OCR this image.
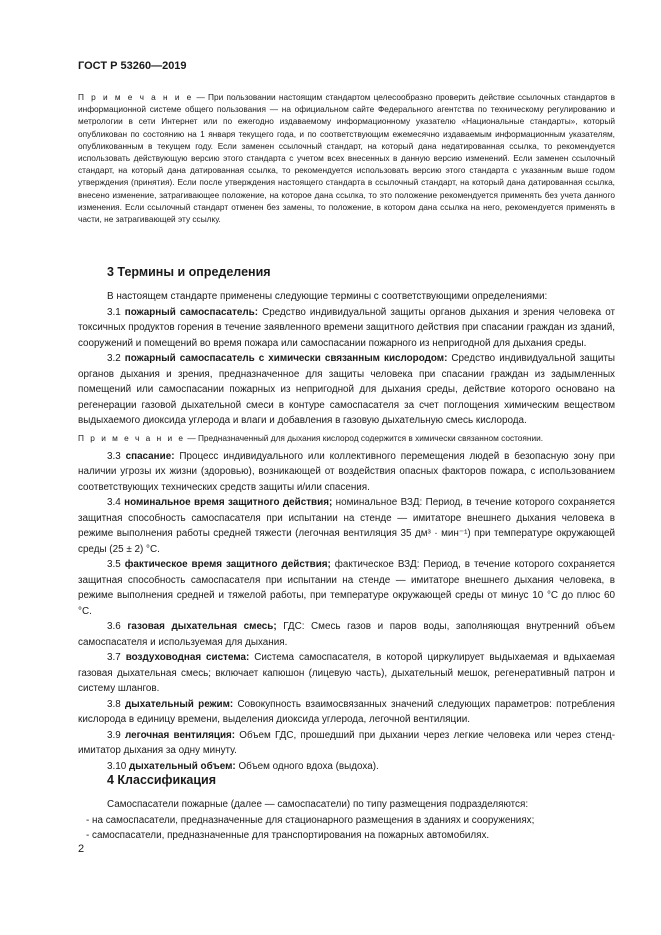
ГОСТ Р 53260—2019

П р и м е ч а н и е — При пользовании настоящим стандартом целесообразно проверить действие ссылочных стандартов в информационной системе общего пользования — на официальном сайте Федерального агентства по техническому регулированию и метрологии в сети Интернет или по ежегодно издаваемому информационному указателю «Национальные стандарты», который опубликован по состоянию на 1 января текущего года, и по соответствующим ежемесячно издаваемым информационным указателям, опубликованным в текущем году. Если заменен ссылочный стандарт, на который дана недатированная ссылка, то рекомендуется использовать действующую версию этого стандарта с учетом всех внесенных в данную версию изменений. Если заменен ссылочный стандарт, на который дана датированная ссылка, то рекомендуется использовать версию этого стандарта с указанным выше годом утверждения (принятия). Если после утверждения настоящего стандарта в ссылочный стандарт, на который дана датированная ссылка, внесено изменение, затрагивающее положение, на которое дана ссылка, то это положение рекомендуется применять без учета данного изменения. Если ссылочный стандарт отменен без замены, то положение, в котором дана ссылка на него, рекомендуется применять в части, не затрагивающей эту ссылку.

3 Термины и определения

В настоящем стандарте применены следующие термины с соответствующими определениями:

3.1 пожарный самоспасатель: Средство индивидуальной защиты органов дыхания и зрения человека от токсичных продуктов горения в течение заявленного времени защитного действия при спасании граждан из зданий, сооружений и помещений во время пожара или самоспасании пожарного из непригодной для дыхания среды.

3.2 пожарный самоспасатель с химически связанным кислородом: Средство индивидуальной защиты органов дыхания и зрения, предназначенное для защиты человека при спасании граждан из задымленных помещений или самоспасании пожарных из непригодной для дыхания среды, действие которого основано на регенерации газовой дыхательной смеси в контуре самоспасателя за счет поглощения химическим веществом выдыхаемого диоксида углерода и влаги и добавления в газовую дыхательную смесь кислорода.

П р и м е ч а н и е — Предназначенный для дыхания кислород содержится в химически связанном состоянии.

3.3 спасание: Процесс индивидуального или коллективного перемещения людей в безопасную зону при наличии угрозы их жизни (здоровью), возникающей от воздействия опасных факторов пожара, с использованием соответствующих технических средств защиты и/или спасения.

3.4 номинальное время защитного действия; номинальное ВЗД: Период, в течение которого сохраняется защитная способность самоспасателя при испытании на стенде — имитаторе внешнего дыхания человека в режиме выполнения работы средней тяжести (легочная вентиляция 35 дм³ · мин⁻¹) при температуре окружающей среды (25 ± 2) °С.

3.5 фактическое время защитного действия; фактическое ВЗД: Период, в течение которого сохраняется защитная способность самоспасателя при испытании на стенде — имитаторе внешнего дыхания человека, в режиме выполнения средней и тяжелой работы, при температуре окружающей среды от минус 10 °С до плюс 60 °С.

3.6 газовая дыхательная смесь; ГДС: Смесь газов и паров воды, заполняющая внутренний объем самоспасателя и используемая для дыхания.

3.7 воздуховодная система: Система самоспасателя, в которой циркулирует выдыхаемая и вдыхаемая газовая дыхательная смесь; включает капюшон (лицевую часть), дыхательный мешок, регенеративный патрон и систему шлангов.

3.8 дыхательный режим: Совокупность взаимосвязанных значений следующих параметров: потребления кислорода в единицу времени, выделения диоксида углерода, легочной вентиляции.

3.9 легочная вентиляция: Объем ГДС, прошедший при дыхании через легкие человека или через стенд-имитатор дыхания за одну минуту.

3.10 дыхательный объем: Объем одного вдоха (выдоха).

4 Классификация

Самоспасатели пожарные (далее — самоспасатели) по типу размещения подразделяются:

- на самоспасатели, предназначенные для стационарного размещения в зданиях и сооружениях;

- самоспасатели, предназначенные для транспортирования на пожарных автомобилях.

2
